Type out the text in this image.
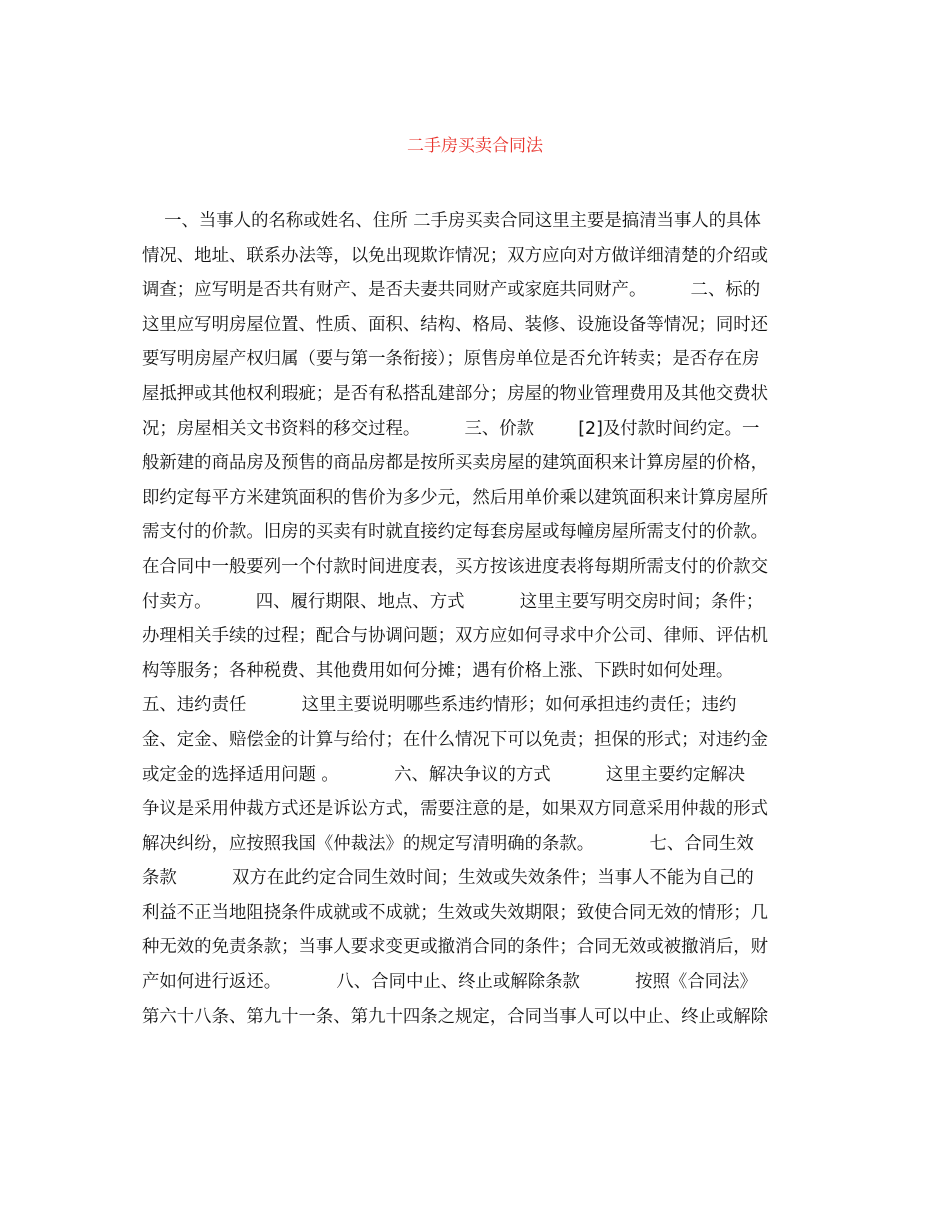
二手房买卖合同法
一、当事人的名称或姓名、住所 二手房买卖合同这里主要是搞清当事人的具体
情况、地址、联系办法等，以免出现欺诈情况；双方应向对方做详细清楚的介绍或
调查；应写明是否共有财产、是否夫妻共同财产或家庭共同财产。        二、标的
这里应写明房屋位置、性质、面积、结构、格局、装修、设施设备等情况；同时还
要写明房屋产权归属（要与第一条衔接）；原售房单位是否允许转卖；是否存在房
屋抵押或其他权利瑕疵；是否有私搭乱建部分；房屋的物业管理费用及其他交费状
况；房屋相关文书资料的移交过程。        三、价款        [2]及付款时间约定。一
般新建的商品房及预售的商品房都是按所买卖房屋的建筑面积来计算房屋的价格，
即约定每平方米建筑面积的售价为多少元，然后用单价乘以建筑面积来计算房屋所
需支付的价款。旧房的买卖有时就直接约定每套房屋或每幢房屋所需支付的价款。
在合同中一般要列一个付款时间进度表，买方按该进度表将每期所需支付的价款交
付卖方。        四、履行期限、地点、方式          这里主要写明交房时间；条件；
办理相关手续的过程；配合与协调问题；双方应如何寻求中介公司、律师、评估机
构等服务；各种税费、其他费用如何分摊；遇有价格上涨、下跌时如何处理。
五、违约责任          这里主要说明哪些系违约情形；如何承担违约责任；违约
金、定金、赔偿金的计算与给付；在什么情况下可以免责；担保的形式；对违约金
或定金的选择适用问题 。          六、解决争议的方式          这里主要约定解决
争议是采用仲裁方式还是诉讼方式，需要注意的是，如果双方同意采用仲裁的形式
解决纠纷，应按照我国《仲裁法》的规定写清明确的条款。          七、合同生效
条款          双方在此约定合同生效时间；生效或失效条件；当事人不能为自己的
利益不正当地阻挠条件成就或不成就；生效或失效期限；致使合同无效的情形；几
种无效的免责条款；当事人要求变更或撤消合同的条件；合同无效或被撤消后，财
产如何进行返还。          八、合同中止、终止或解除条款          按照《合同法》
第六十八条、第九十一条、第九十四条之规定，合同当事人可以中止、终止或解除
